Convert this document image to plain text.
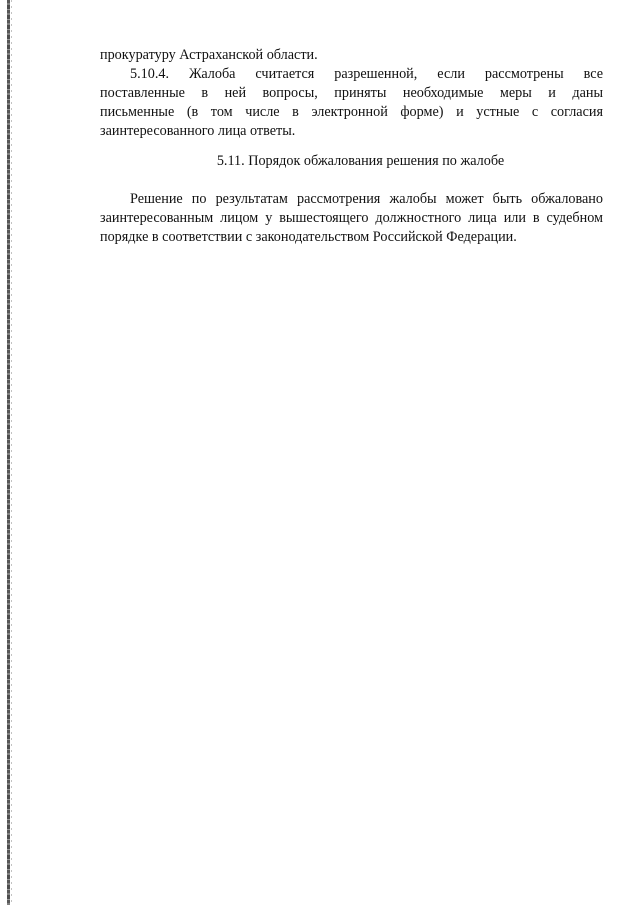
прокуратуру Астраханской области.
5.10.4. Жалоба считается разрешенной, если рассмотрены все
поставленные в ней вопросы, приняты необходимые меры и даны
письменные (в том числе в электронной форме) и устные с согласия
заинтересованного лица ответы.
5.11. Порядок обжалования решения по жалобе
Решение по результатам рассмотрения жалобы может быть обжаловано
заинтересованным лицом у вышестоящего должностного лица или в судебном
порядке в соответствии с законодательством Российской Федерации.
